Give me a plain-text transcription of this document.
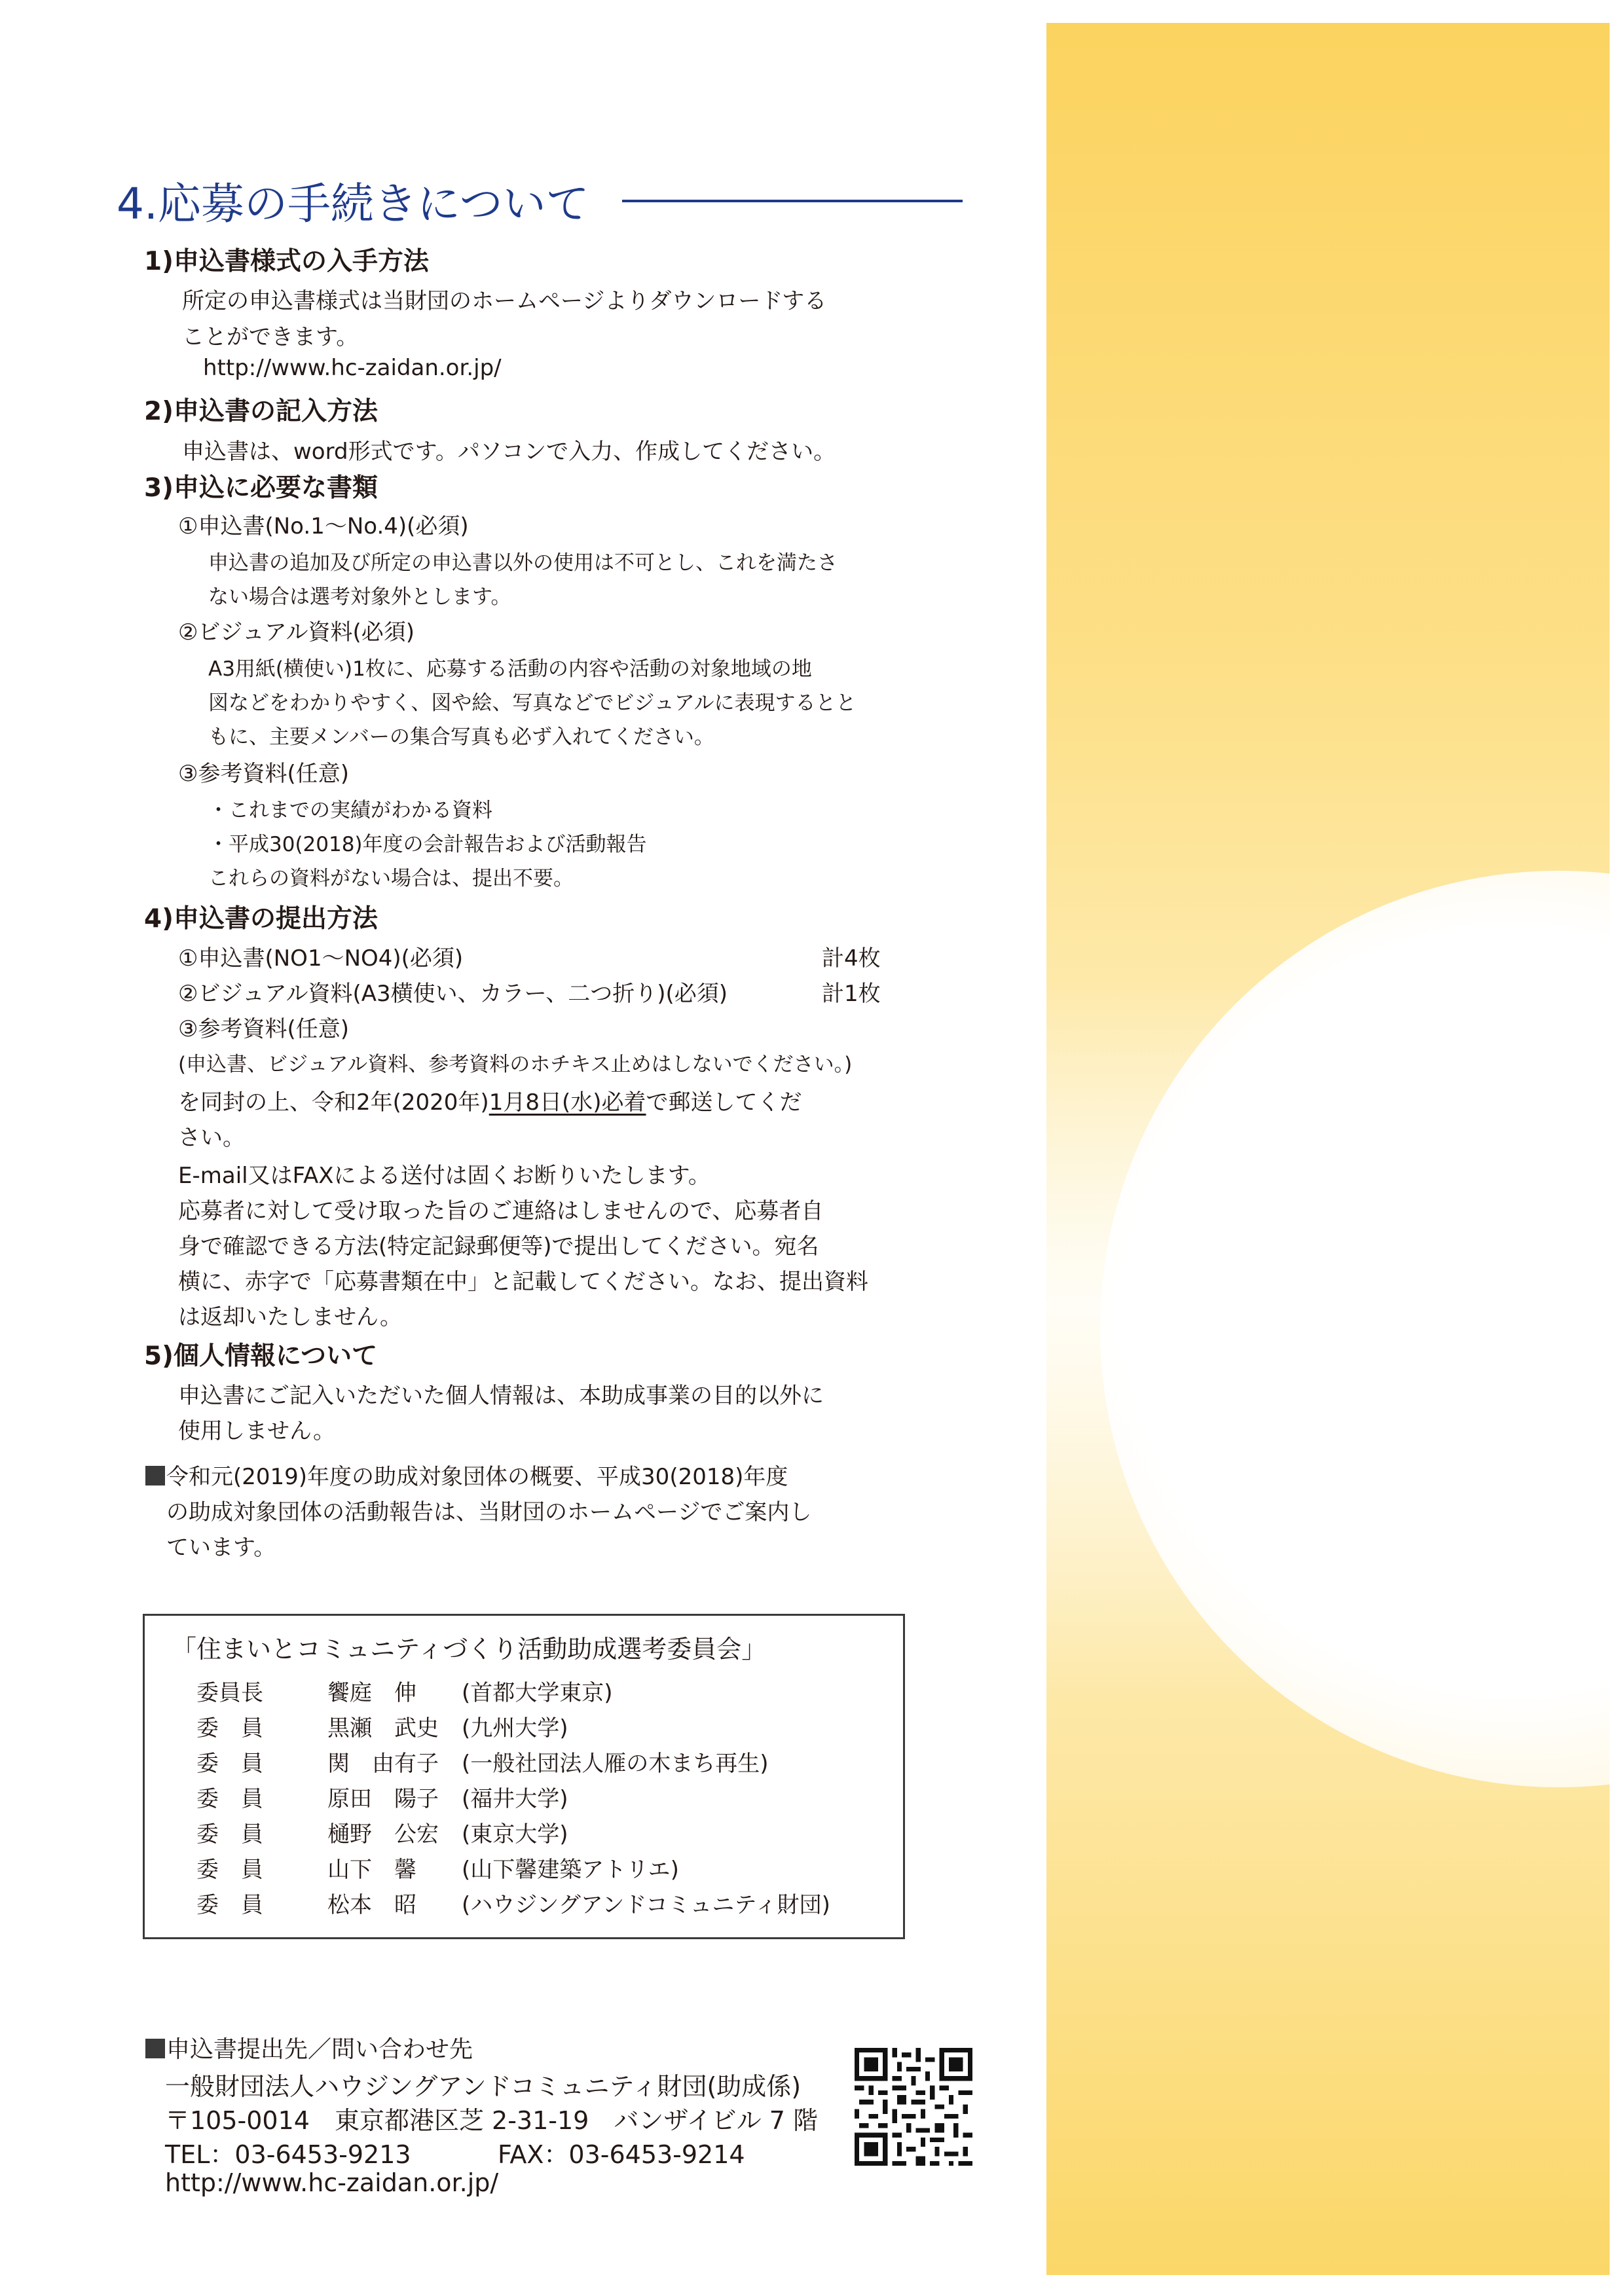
4.応募の手続きについて

1)申込書様式の入手方法

所定の申込書様式は当財団のホームページよりダウンロードする

ことができます。

http://www.hc-zaidan.or.jp/

2)申込書の記入方法

申込書は、word形式です。パソコンで入力、作成してください。

3)申込に必要な書類

①申込書(No.1〜No.4)(必須)

申込書の追加及び所定の申込書以外の使用は不可とし、これを満たさ

ない場合は選考対象外とします。

②ビジュアル資料(必須)

A3用紙(横使い)1枚に、応募する活動の内容や活動の対象地域の地

図などをわかりやすく、図や絵、写真などでビジュアルに表現するとと

もに、主要メンバーの集合写真も必ず入れてください。

③参考資料(任意)

・これまでの実績がわかる資料

・平成30(2018)年度の会計報告および活動報告

これらの資料がない場合は、提出不要。

4)申込書の提出方法

①申込書(NO1〜NO4)(必須)	計4枚

②ビジュアル資料(A3横使い、カラー、二つ折り)(必須)	計1枚

③参考資料(任意)

(申込書、ビジュアル資料、参考資料のホチキス止めはしないでください。)

を同封の上、令和2年(2020年)1月8日(水)必着で郵送してくだ

さい。

E-mail又はFAXによる送付は固くお断りいたします。

応募者に対して受け取った旨のご連絡はしませんので、応募者自

身で確認できる方法(特定記録郵便等)で提出してください。宛名

横に、赤字で「応募書類在中」と記載してください。なお、提出資料

は返却いたしません。

5)個人情報について

申込書にご記入いただいた個人情報は、本助成事業の目的以外に

使用しません。

令和元(2019)年度の助成対象団体の概要、平成30(2018)年度

の助成対象団体の活動報告は、当財団のホームページでご案内し

ています。

「住まいとコミュニティづくり活動助成選考委員会」
委員長	饗庭　伸 (首都大学東京)
委　員	黒瀬　武史 (九州大学)
委　員	関　由有子 (一般社団法人雁の木まち再生)
委　員	原田　陽子 (福井大学)
委　員	樋野　公宏 (東京大学)
委　員	山下　馨 (山下馨建築アトリエ)
委　員	松本　昭 (ハウジングアンドコミュニティ財団)

申込書提出先／問い合わせ先

一般財団法人ハウジングアンドコミュニティ財団(助成係)

〒105-0014　東京都港区芝 2-31-19　バンザイビル 7 階

TEL：03-6453-9213	FAX：03-6453-9214

http://www.hc-zaidan.or.jp/
